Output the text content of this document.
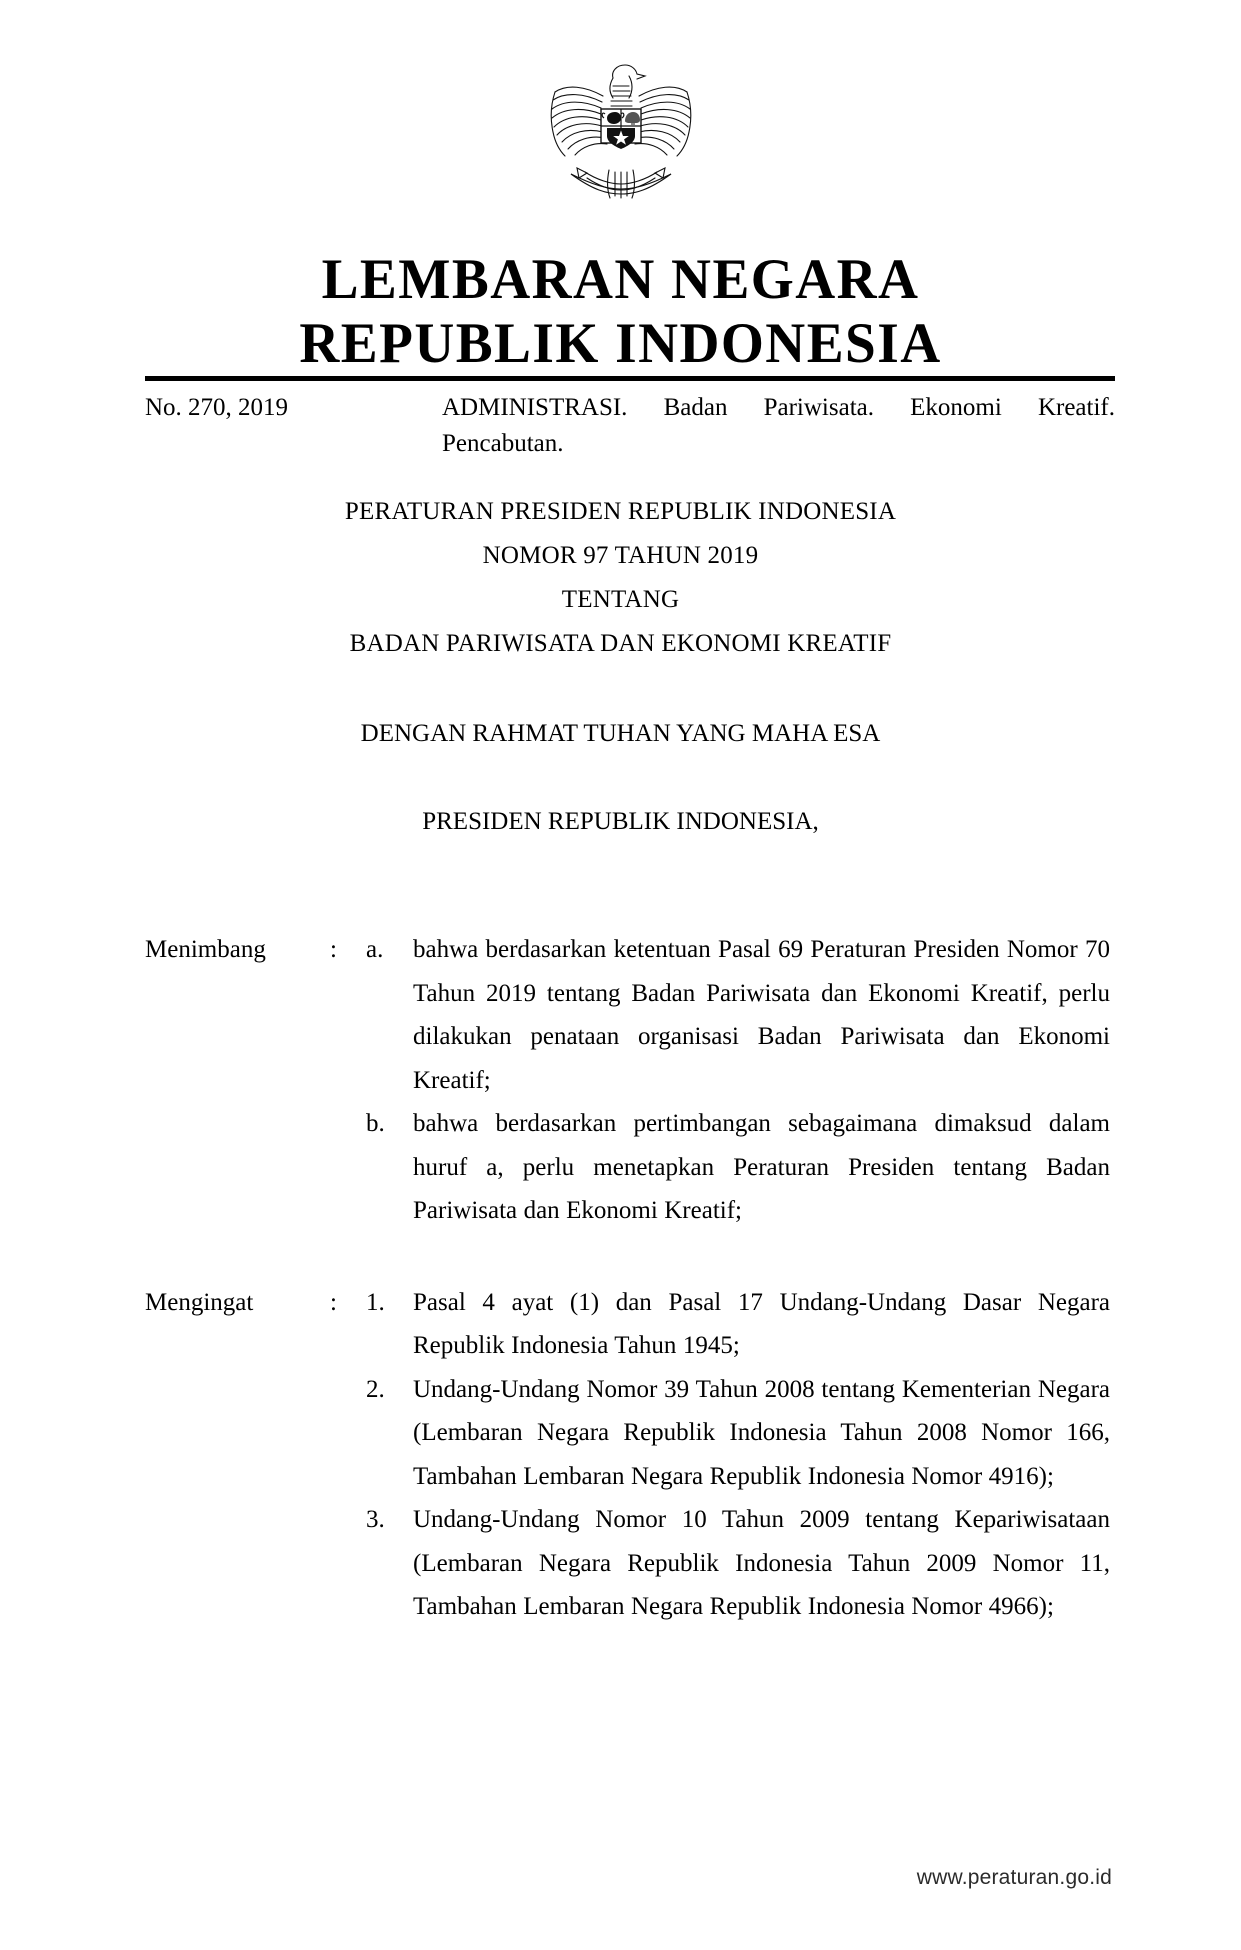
LEMBARAN NEGARA
REPUBLIK INDONESIA
No. 270, 2019	ADMINISTRASI. Badan Pariwisata. Ekonomi Kreatif. Pencabutan.
PERATURAN PRESIDEN REPUBLIK INDONESIA
NOMOR 97 TAHUN 2019
TENTANG
BADAN PARIWISATA DAN EKONOMI KREATIF
DENGAN RAHMAT TUHAN YANG MAHA ESA
PRESIDEN REPUBLIK INDONESIA,
Menimbang	:	a.	bahwa berdasarkan ketentuan Pasal 69 Peraturan Presiden Nomor 70 Tahun 2019 tentang Badan Pariwisata dan Ekonomi Kreatif, perlu dilakukan penataan organisasi Badan Pariwisata dan Ekonomi Kreatif;
b.	bahwa berdasarkan pertimbangan sebagaimana dimaksud dalam huruf a, perlu menetapkan Peraturan Presiden tentang Badan Pariwisata dan Ekonomi Kreatif;
Mengingat	:	1.	Pasal 4 ayat (1) dan Pasal 17 Undang-Undang Dasar Negara Republik Indonesia Tahun 1945;
2.	Undang-Undang Nomor 39 Tahun 2008 tentang Kementerian Negara (Lembaran Negara Republik Indonesia Tahun 2008 Nomor 166, Tambahan Lembaran Negara Republik Indonesia Nomor 4916);
3.	Undang-Undang Nomor 10 Tahun 2009 tentang Kepariwisataan (Lembaran Negara Republik Indonesia Tahun 2009 Nomor 11, Tambahan Lembaran Negara Republik Indonesia Nomor 4966);
www.peraturan.go.id
